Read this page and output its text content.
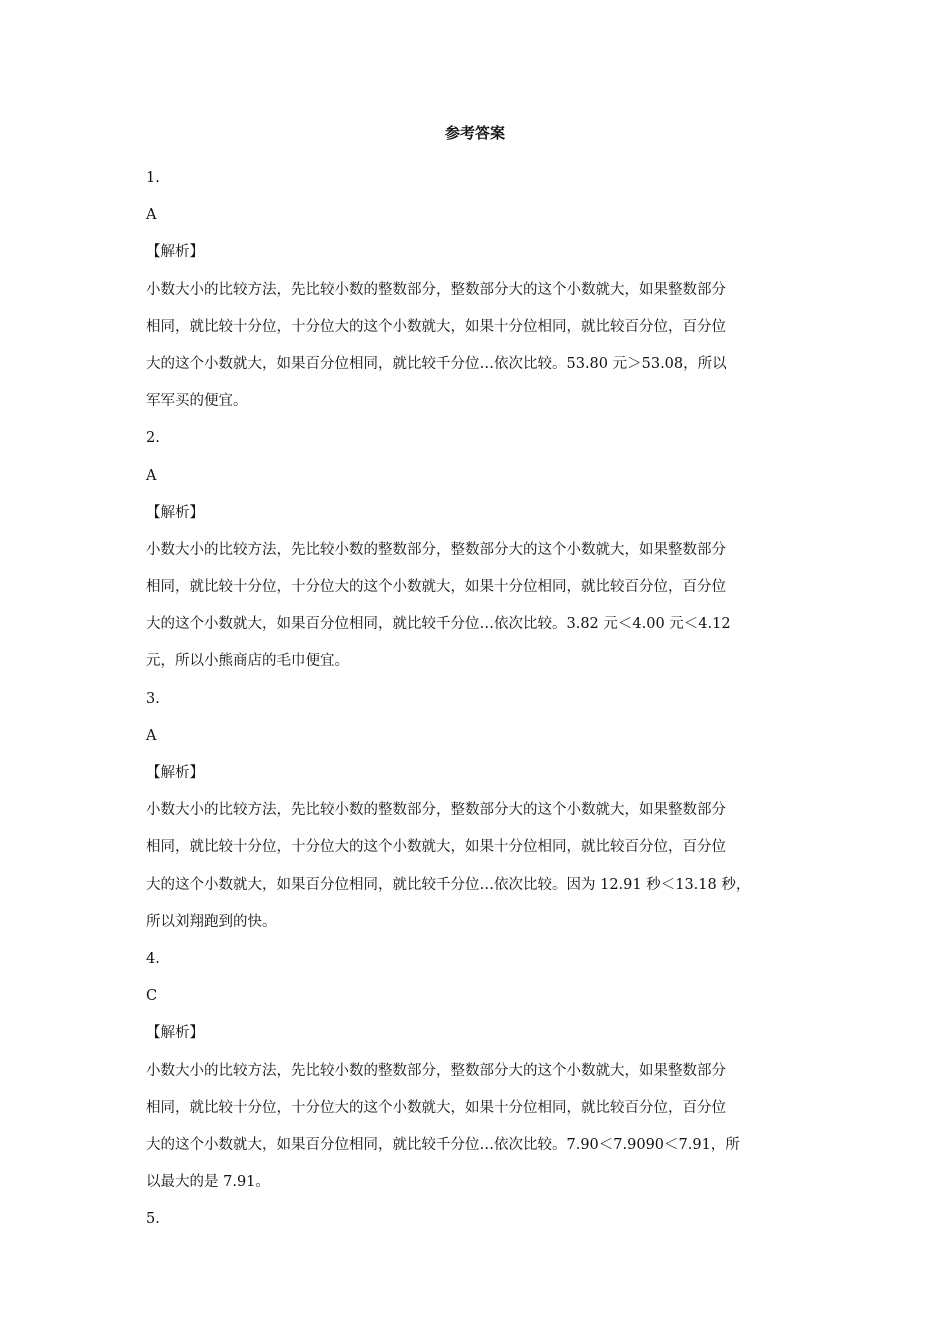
参考答案
1.
A
【解析】
小数大小的比较方法，先比较小数的整数部分，整数部分大的这个小数就大，如果整数部分
相同，就比较十分位，十分位大的这个小数就大，如果十分位相同，就比较百分位，百分位
大的这个小数就大，如果百分位相同，就比较千分位…依次比较。53.80 元＞53.08，所以
军军买的便宜。
2.
A
【解析】
小数大小的比较方法，先比较小数的整数部分，整数部分大的这个小数就大，如果整数部分
相同，就比较十分位，十分位大的这个小数就大，如果十分位相同，就比较百分位，百分位
大的这个小数就大，如果百分位相同，就比较千分位…依次比较。3.82 元＜4.00 元＜4.12
元，所以小熊商店的毛巾便宜。
3.
A
【解析】
小数大小的比较方法，先比较小数的整数部分，整数部分大的这个小数就大，如果整数部分
相同，就比较十分位，十分位大的这个小数就大，如果十分位相同，就比较百分位，百分位
大的这个小数就大，如果百分位相同，就比较千分位…依次比较。因为 12.91 秒＜13.18 秒，
所以刘翔跑到的快。
4.
C
【解析】
小数大小的比较方法，先比较小数的整数部分，整数部分大的这个小数就大，如果整数部分
相同，就比较十分位，十分位大的这个小数就大，如果十分位相同，就比较百分位，百分位
大的这个小数就大，如果百分位相同，就比较千分位…依次比较。7.90＜7.9090＜7.91，所
以最大的是 7.91。
5.
